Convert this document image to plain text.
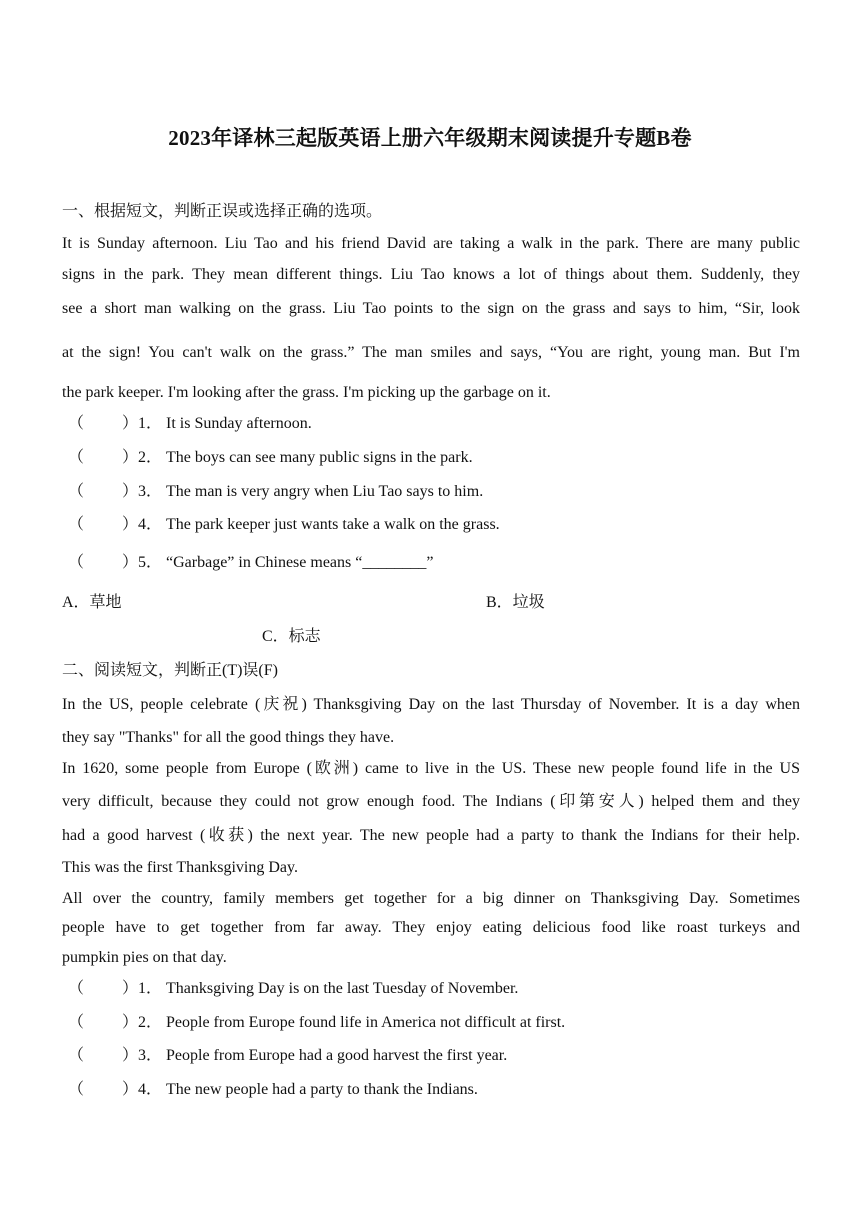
2023年译林三起版英语上册六年级期末阅读提升专题B卷
一、根据短文，判断正误或选择正确的选项。
It is Sunday afternoon. Liu Tao and his friend David are taking a walk in the park. There are many public
signs in the park. They mean different things. Liu Tao knows a lot of things about them. Suddenly, they
see a short man walking on the grass. Liu Tao points to the sign on the grass and says to him, “Sir, look
at the sign! You can't walk on the grass.” The man smiles and says, “You are right, young man. But I'm
the park keeper. I'm looking after the grass. I'm picking up the garbage on it.
（ ） 1． It is Sunday afternoon.
（ ） 2． The boys can see many public signs in the park.
（ ） 3． The man is very angry when Liu Tao says to him.
（ ） 4． The park keeper just wants take a walk on the grass.
（ ） 5． “Garbage” in Chinese means “________”
A．草地	B．垃圾
C．标志
二、阅读短文，判断正(T)误(F)
In the US, people celebrate (庆祝) Thanksgiving Day on the last Thursday of November. It is a day when
they say "Thanks" for all the good things they have.
In 1620, some people from Europe (欧洲) came to live in the US. These new people found life in the US
very difficult, because they could not grow enough food. The Indians (印第安人) helped them and they
had a good harvest (收获) the next year. The new people had a party to thank the Indians for their help.
This was the first Thanksgiving Day.
All over the country, family members get together for a big dinner on Thanksgiving Day. Sometimes
people have to get together from far away. They enjoy eating delicious food like roast turkeys and
pumpkin pies on that day.
（ ） 1． Thanksgiving Day is on the last Tuesday of November.
（ ） 2． People from Europe found life in America not difficult at first.
（ ） 3． People from Europe had a good harvest the first year.
（ ） 4． The new people had a party to thank the Indians.
